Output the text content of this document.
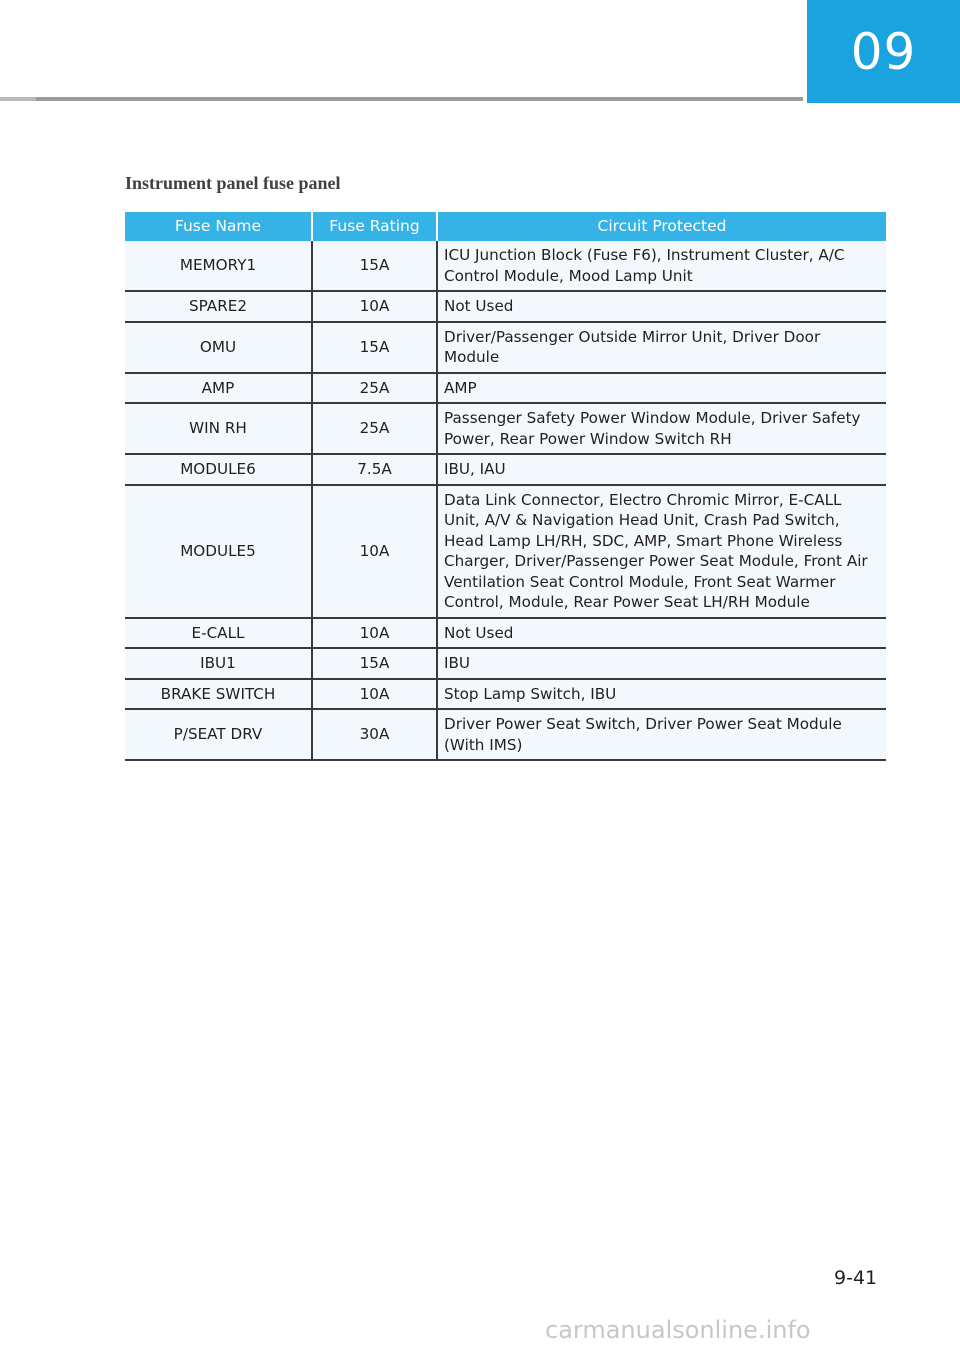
09
Instrument panel fuse panel
Fuse Name	Fuse Rating	Circuit Protected
MEMORY1	15A	ICU Junction Block (Fuse F6), Instrument Cluster, A/C Control Module, Mood Lamp Unit
SPARE2	10A	Not Used
OMU	15A	Driver/Passenger Outside Mirror Unit, Driver Door Module
AMP	25A	AMP
WIN RH	25A	Passenger Safety Power Window Module, Driver Safety Power, Rear Power Window Switch RH
MODULE6	7.5A	IBU, IAU
MODULE5	10A	Data Link Connector, Electro Chromic Mirror, E-CALL Unit, A/V & Navigation Head Unit, Crash Pad Switch, Head Lamp LH/RH, SDC, AMP, Smart Phone Wireless Charger, Driver/Passenger Power Seat Module, Front Air Ventilation Seat Control Module, Front Seat Warmer Control, Module, Rear Power Seat LH/RH Module
E-CALL	10A	Not Used
IBU1	15A	IBU
BRAKE SWITCH	10A	Stop Lamp Switch, IBU
P/SEAT DRV	30A	Driver Power Seat Switch, Driver Power Seat Module (With IMS)
9-41
carmanualsonline.info
